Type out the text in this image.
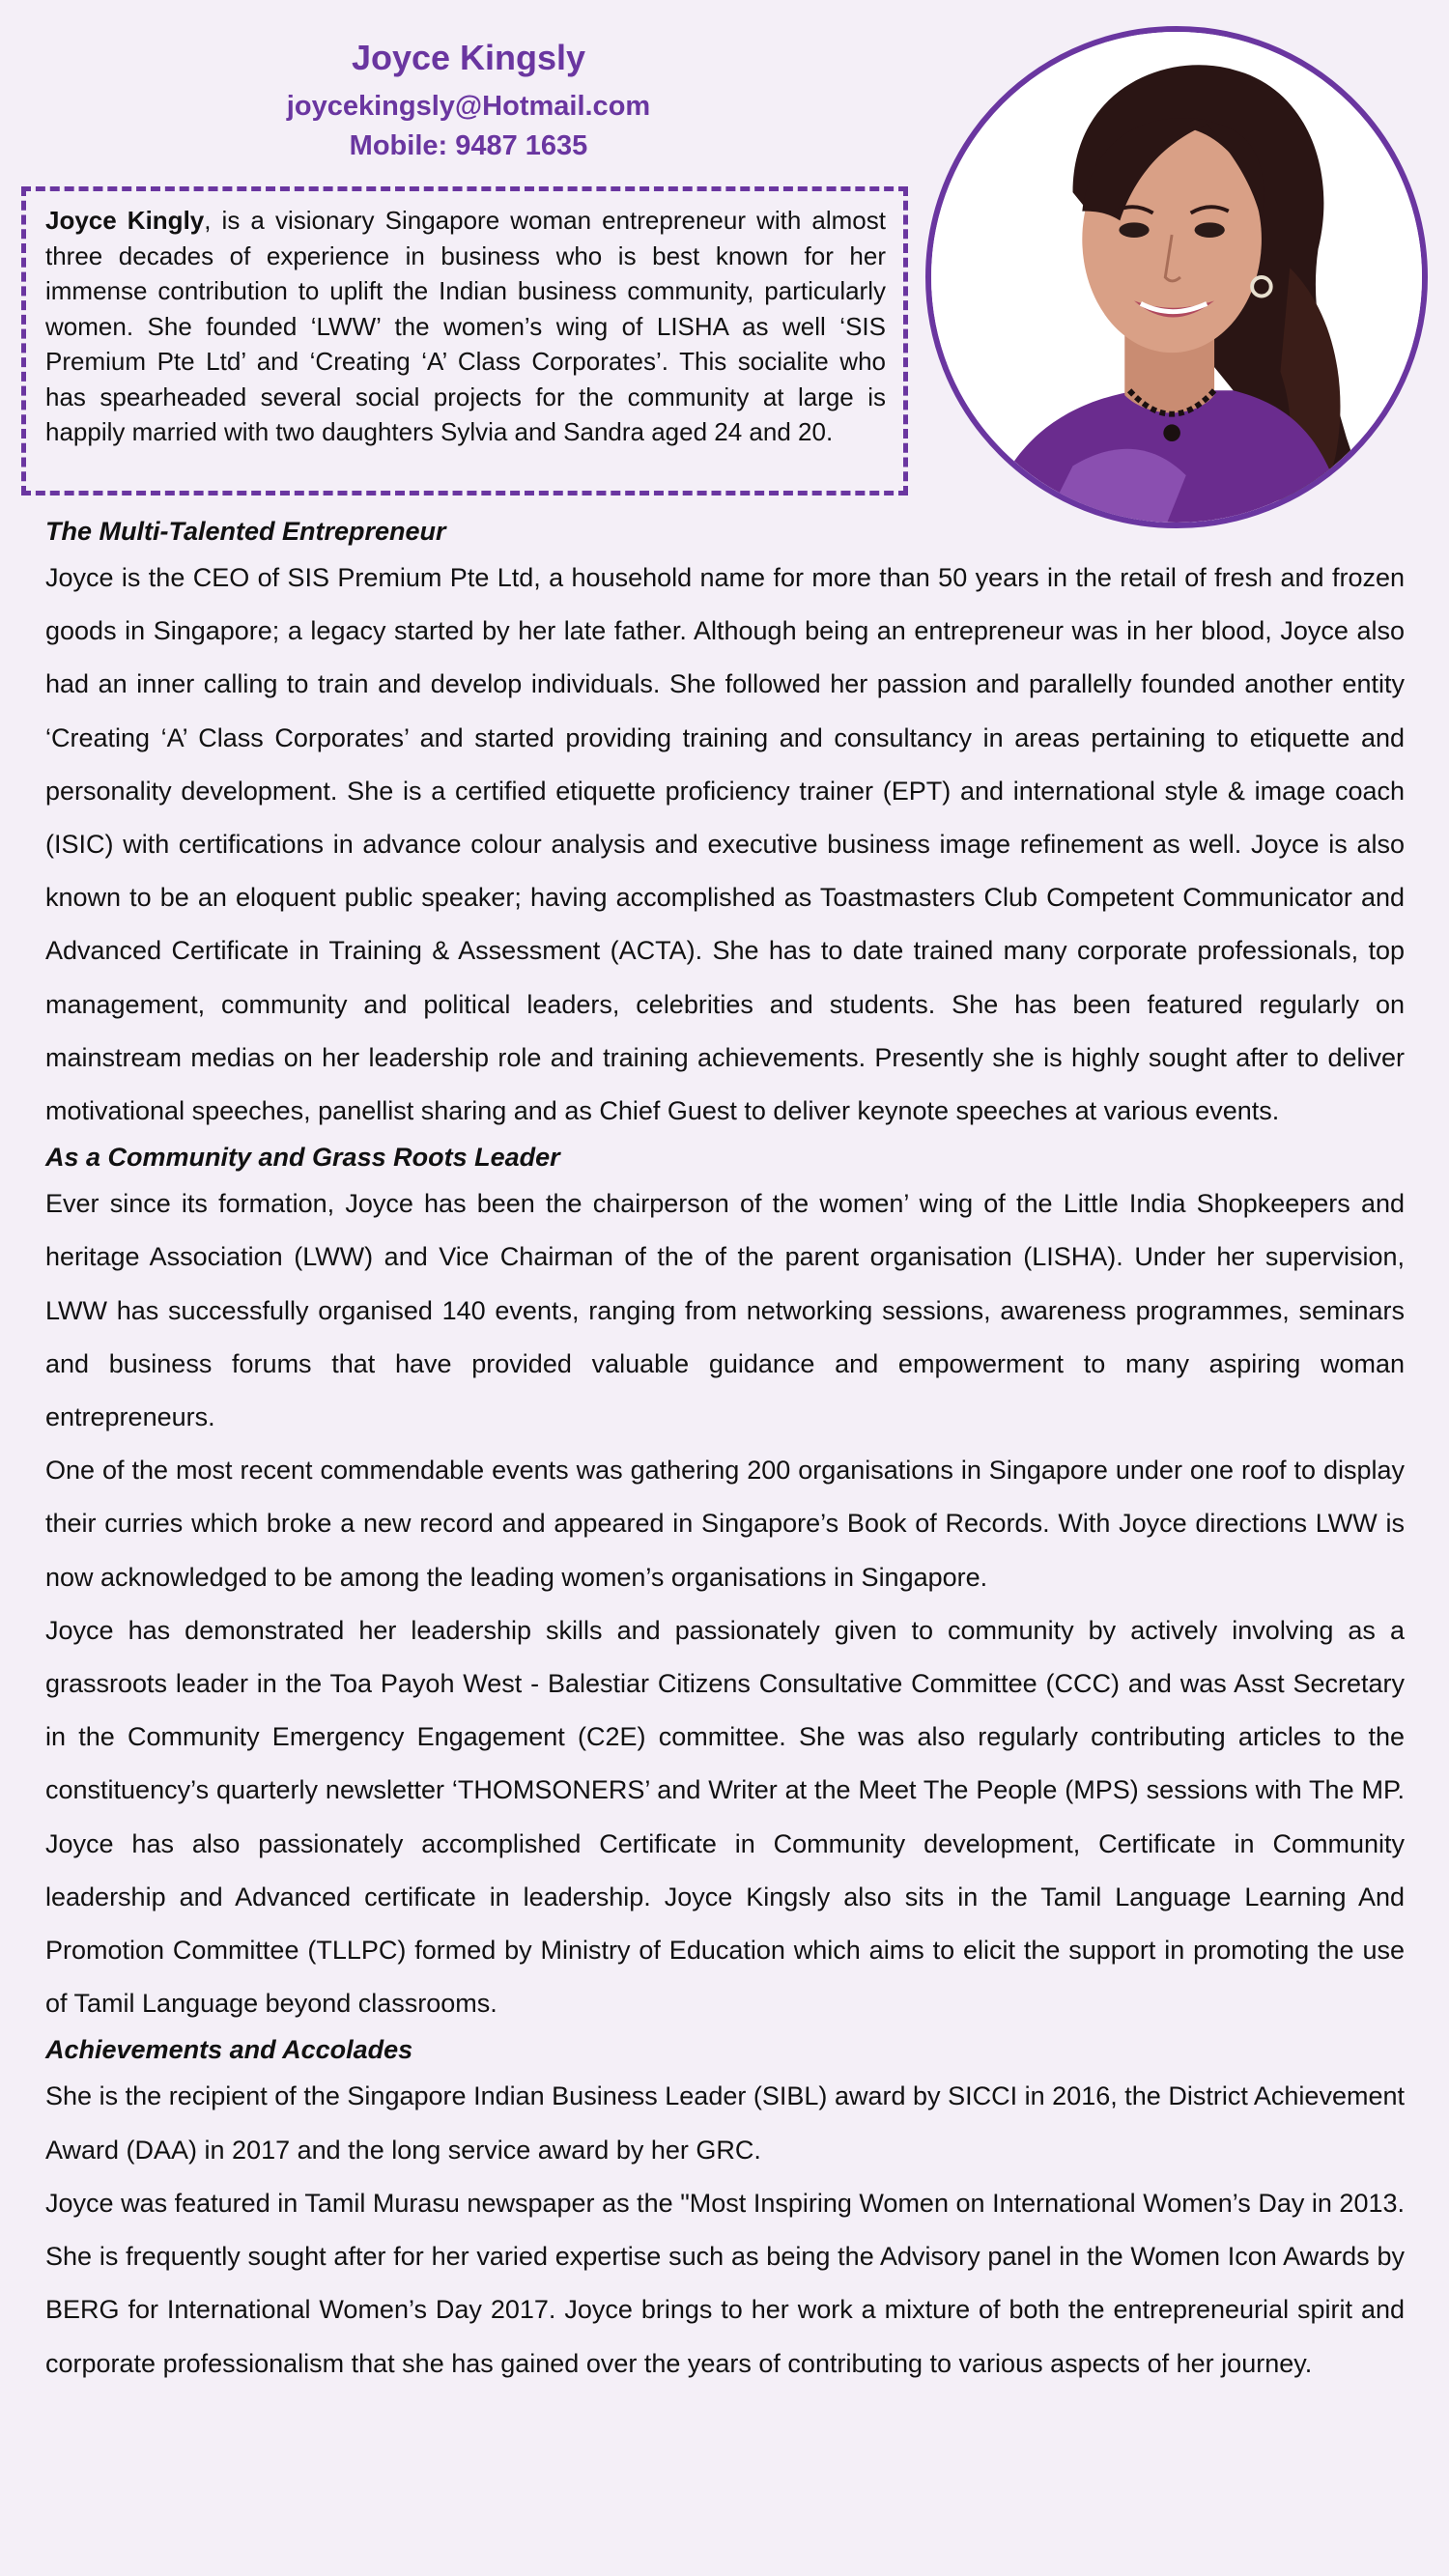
Joyce Kingsly
joycekingsly@Hotmail.com
Mobile: 9487 1635
Joyce Kingly, is a visionary Singapore woman entrepreneur with almost three decades of experience in business who is best known for her immense contribution to uplift the Indian business community, particularly women. She founded ‘LWW’ the women’s wing of LISHA as well ‘SIS Premium Pte Ltd’ and ‘Creating ‘A’ Class Corporates’. This socialite who has spearheaded several social projects for the community at large is happily married with two daughters Sylvia and Sandra aged 24 and 20.
The Multi-Talented Entrepreneur

Joyce is the CEO of SIS Premium Pte Ltd, a household name for more than 50 years in the retail of fresh and frozen goods in Singapore; a legacy started by her late father. Although being an entrepreneur was in her blood, Joyce also had an inner calling to train and develop individuals. She followed her passion and parallelly founded another entity ‘Creating ‘A’ Class Corporates’ and started providing training and consultancy in areas pertaining to etiquette and personality development. She is a certified etiquette proficiency trainer (EPT) and international style & image coach (ISIC) with certifications in advance colour analysis and executive business image refinement as well. Joyce is also known to be an eloquent public speaker; having accomplished as Toastmasters Club Competent Communicator and Advanced Certificate in Training & Assessment (ACTA). She has to date trained many corporate professionals, top management, community and political leaders, celebrities and students. She has been featured regularly on mainstream medias on her leadership role and training achievements. Presently she is highly sought after to deliver motivational speeches, panellist sharing and as Chief Guest to deliver keynote speeches at various events.

As a Community and Grass Roots Leader

Ever since its formation, Joyce has been the chairperson of the women’ wing of the Little India Shopkeepers and heritage Association (LWW) and Vice Chairman of the of the parent organisation (LISHA). Under her supervision, LWW has successfully organised 140 events, ranging from networking sessions, awareness programmes, seminars and business forums that have provided valuable guidance and empowerment to many aspiring woman entrepreneurs.

One of the most recent commendable events was gathering 200 organisations in Singapore under one roof to display their curries which broke a new record and appeared in Singapore’s Book of Records. With Joyce directions LWW is now acknowledged to be among the leading women’s organisations in Singapore.

Joyce has demonstrated her leadership skills and passionately given to community by actively involving as a grassroots leader in the Toa Payoh West - Balestiar Citizens Consultative Committee (CCC) and was Asst Secretary in the Community Emergency Engagement (C2E) committee. She was also regularly contributing articles to the constituency’s quarterly newsletter ‘THOMSONERS’ and Writer at the Meet The People (MPS) sessions with The MP. Joyce has also passionately accomplished Certificate in Community development, Certificate in Community leadership and Advanced certificate in leadership. Joyce Kingsly also sits in the Tamil Language Learning And Promotion Committee (TLLPC) formed by Ministry of Education which aims to elicit the support in promoting the use of Tamil Language beyond classrooms.

Achievements and Accolades

She is the recipient of the Singapore Indian Business Leader (SIBL) award by SICCI in 2016, the District Achievement Award (DAA) in 2017 and the long service award by her GRC.

Joyce was featured in Tamil Murasu newspaper as the "Most Inspiring Women on International Women’s Day in 2013. She is frequently sought after for her varied expertise such as being the Advisory panel in the Women Icon Awards by BERG for International Women’s Day 2017. Joyce brings to her work a mixture of both the entrepreneurial spirit and corporate professionalism that she has gained over the years of contributing to various aspects of her journey.
